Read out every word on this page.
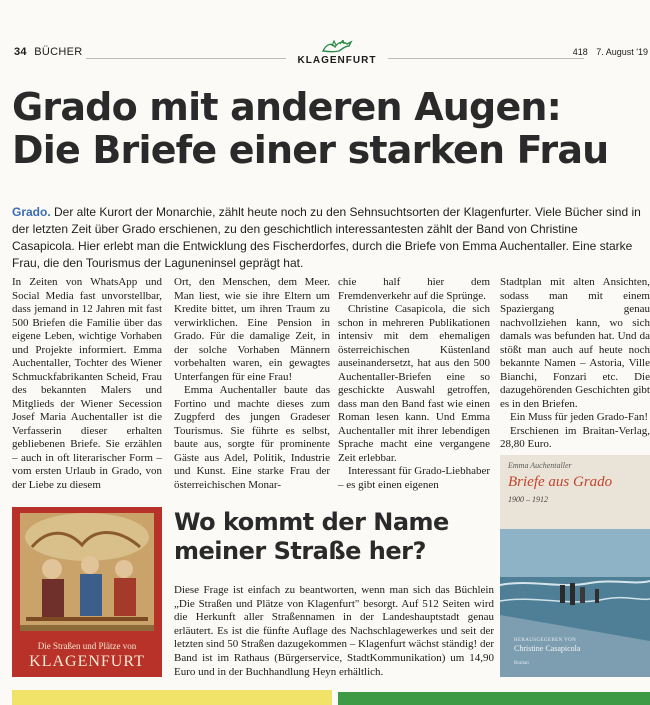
34 BÜCHER
KLAGENFURT
418 7. August '19
Grado mit anderen Augen:
Die Briefe einer starken Frau

Grado. Der alte Kurort der Monarchie, zählt heute noch zu den Sehnsuchtsorten der Klagenfurter. Viele Bücher sind in der letzten Zeit über Grado erschienen, zu den geschichtlich interessantesten zählt der Band von Christine Casapicola. Hier erlebt man die Entwicklung des Fischerdorfes, durch die Briefe von Emma Auchentaller. Eine starke Frau, die den Tourismus der Laguneninsel geprägt hat.

In Zeiten von WhatsApp und Social Media fast unvorstellbar, dass jemand in 12 Jahren mit fast 500 Briefen die Familie über das eigene Leben, wichtige Vorhaben und Projekte informiert. Emma Auchentaller, Tochter des Wiener Schmuckfabrikanten Scheid, Frau des bekannten Malers und Mitglieds der Wiener Secession Josef Maria Auchentaller ist die Verfasserin dieser erhalten gebliebenen Briefe. Sie erzählen – auch in oft literarischer Form – vom ersten Urlaub in Grado, von der Liebe zu diesem

Ort, den Menschen, dem Meer. Man liest, wie sie ihre Eltern um Kredite bittet, um ihren Traum zu verwirklichen. Eine Pension in Grado. Für die damalige Zeit, in der solche Vorhaben Männern vorbehalten waren, ein gewagtes Unterfangen für eine Frau!

Emma Auchentaller baute das Fortino und machte dieses zum Zugpferd des jungen Gradeser Tourismus. Sie führte es selbst, baute aus, sorgte für prominente Gäste aus Adel, Politik, Industrie und Kunst. Eine starke Frau der österreichischen Monar-

chie half hier dem Fremdenverkehr auf die Sprünge.

Christine Casapicola, die sich schon in mehreren Publikationen intensiv mit dem ehemaligen österreichischen Küstenland auseinandersetzt, hat aus den 500 Auchentaller-Briefen eine so geschickte Auswahl getroffen, dass man den Band fast wie einen Roman lesen kann. Und Emma Auchentaller mit ihrer lebendigen Sprache macht eine vergangene Zeit erlebbar.

Interessant für Grado-Liebhaber – es gibt einen eigenen

Stadtplan mit alten Ansichten, sodass man mit einem Spaziergang genau nachvollziehen kann, wo sich damals was befunden hat. Und da stößt man auch auf heute noch bekannte Namen – Astoria, Ville Bianchi, Fonzari etc. Die dazugehörenden Geschichten gibt es in den Briefen.

Ein Muss für jeden Grado-Fan!

Erschienen im Braitan-Verlag, 28,80 Euro.

Die Straßen und Plätze von
KLAGENFURT
Wo kommt der Name
meiner Straße her?

Diese Frage ist einfach zu beantworten, wenn man sich das Büchlein „Die Straßen und Plätze von Klagenfurt" besorgt. Auf 512 Seiten wird die Herkunft aller Straßennamen in der Landeshauptstadt genau erläutert. Es ist die fünfte Auflage des Nachschlagewerkes und seit der letzten sind 50 Straßen dazugekommen – Klagenfurt wächst ständig! der Band ist im Rathaus (Bürgerservice, StadtKommunikation) um 14,90 Euro und in der Buchhandlung Heyn erhältlich.

Emma Auchentaller
Briefe aus Grado
1900 – 1912
HERAUSGEGEBEN VON
Christine Casapicola
Braitan
